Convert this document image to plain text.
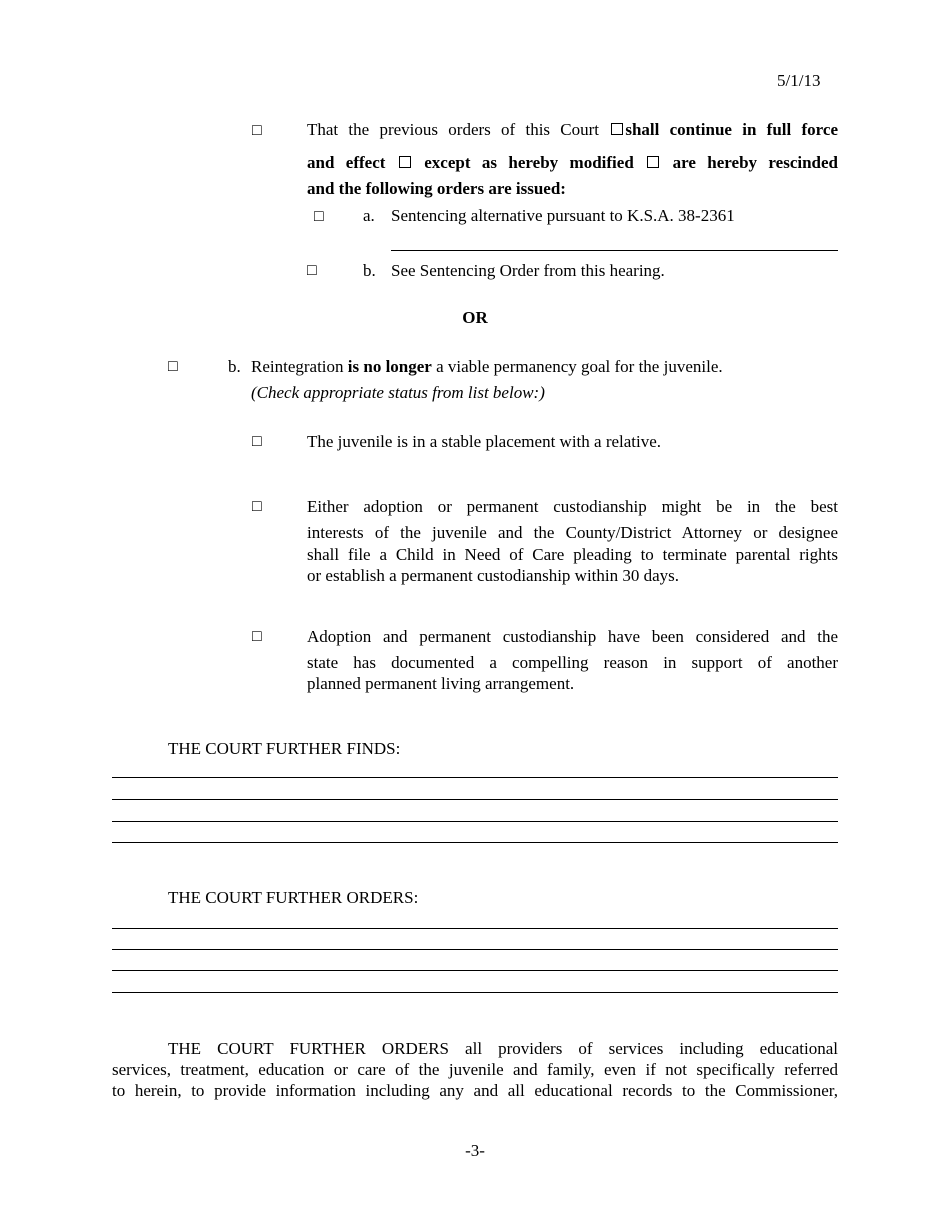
5/1/13
□	That the previous orders of this Court shall continue in full force
and effect except as hereby modified are hereby rescinded
and the following orders are issued:
□ a. Sentencing alternative pursuant to K.S.A. 38-2361
□	b. See Sentencing Order from this hearing.
OR
□	b. Reintegration is no longer a viable permanency goal for the juvenile.
(Check appropriate status from list below:)
□	The juvenile is in a stable placement with a relative.
□	Either adoption or permanent custodianship might be in the best
interests of the juvenile and the County/District Attorney or designee
shall file a Child in Need of Care pleading to terminate parental rights
or establish a permanent custodianship within 30 days.
□	Adoption and permanent custodianship have been considered and the
state has documented a compelling reason in support of another
planned permanent living arrangement.
THE COURT FURTHER FINDS:
THE COURT FURTHER ORDERS:
THE COURT FURTHER ORDERS all providers of services including educational
services, treatment, education or care of the juvenile and family, even if not specifically referred
to herein, to provide information including any and all educational records to the Commissioner,
-3-
